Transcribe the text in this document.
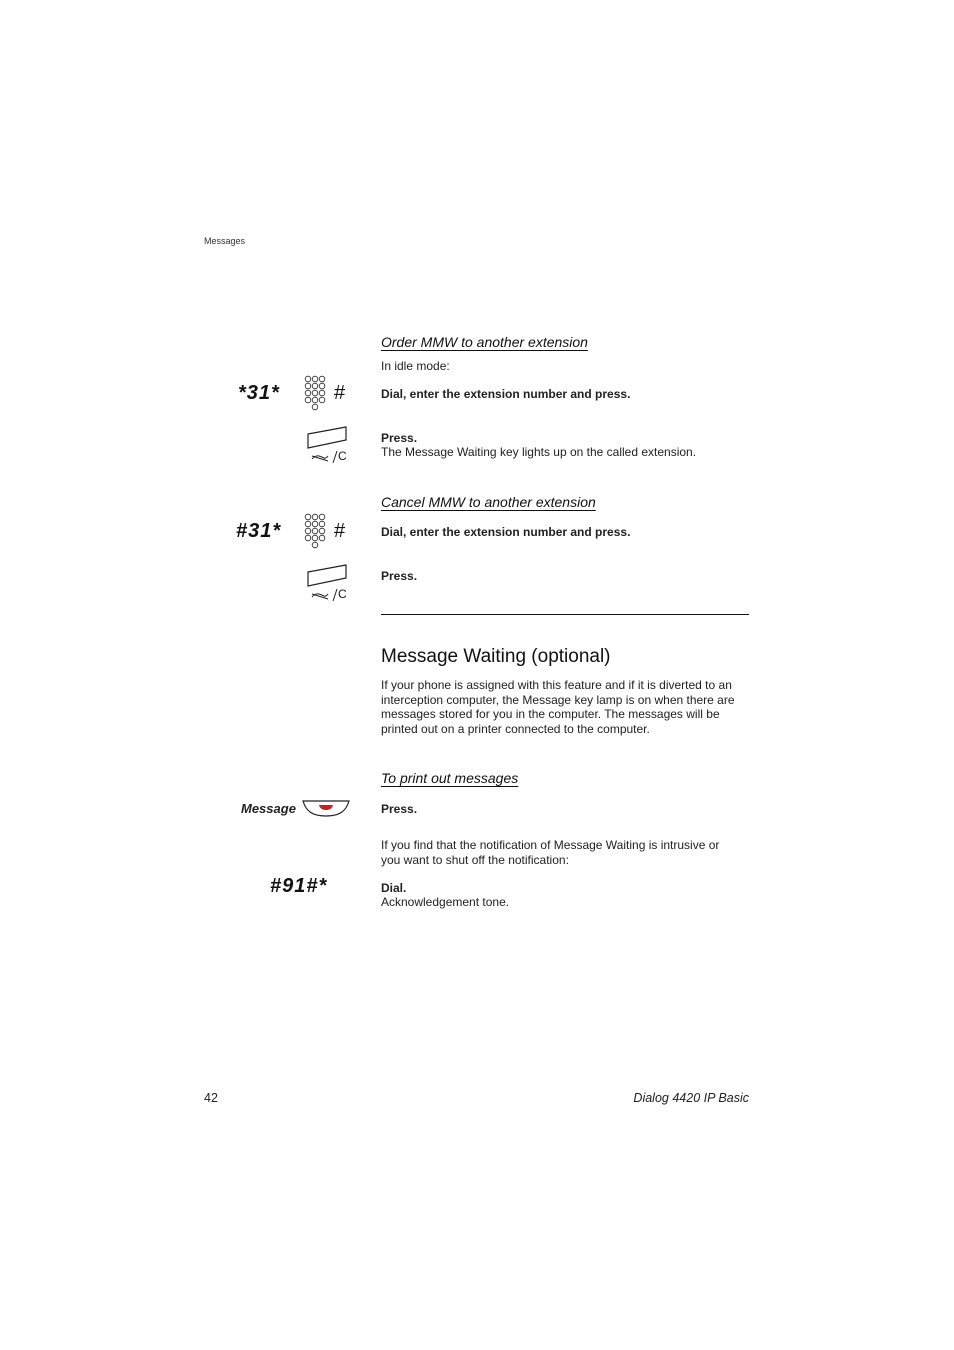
Messages
Order MMW to another extension
In idle mode:
*31*	#	Dial, enter the extension number and press.
C
Press.
The Message Waiting key lights up on the called extension.
Cancel MMW to another extension
#31*	#	Dial, enter the extension number and press.
C
Press.
Message Waiting (optional)
If your phone is assigned with this feature and if it is diverted to an
interception computer, the Message key lamp is on when there are
messages stored for you in the computer. The messages will be
printed out on a printer connected to the computer.
To print out messages
Message	Press.
If you find that the notification of Message Waiting is intrusive or
you want to shut off the notification:
#91#*	Dial.
Acknowledgement tone.
42	Dialog 4420 IP Basic
